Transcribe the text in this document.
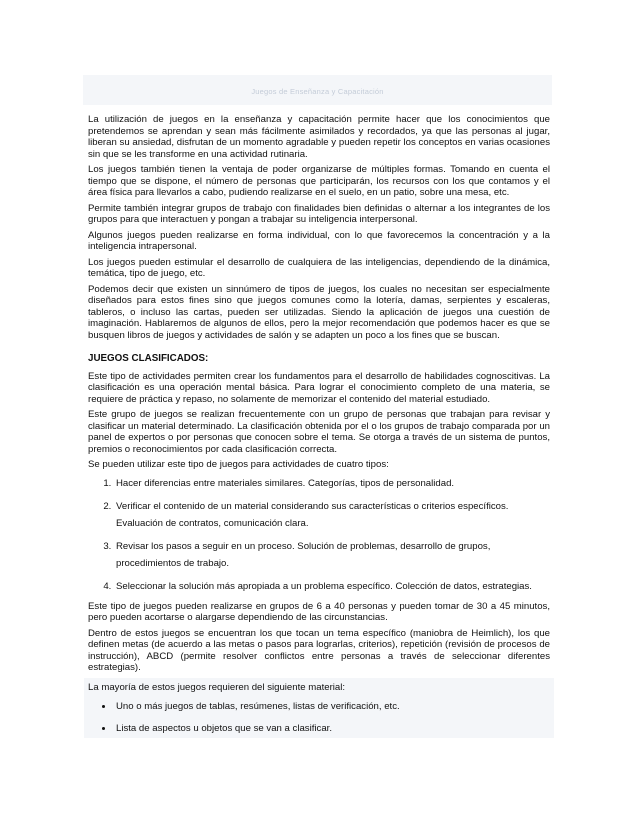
Juegos de Enseñanza y Capacitación

La utilización de juegos en la enseñanza y capacitación permite hacer que los conocimientos que pretendemos se aprendan y sean más fácilmente asimilados y recordados, ya que las personas al jugar, liberan su ansiedad, disfrutan de un momento agradable y pueden repetir los conceptos en varias ocasiones sin que se les transforme en una actividad rutinaria.

Los juegos también tienen la ventaja de poder organizarse de múltiples formas. Tomando en cuenta el tiempo que se dispone, el número de personas que participarán, los recursos con los que contamos y el área física para llevarlos a cabo, pudiendo realizarse en el suelo, en un patio, sobre una mesa, etc.

Permite también integrar grupos de trabajo con finalidades bien definidas o alternar a los integrantes de los grupos para que interactuen y pongan a trabajar su inteligencia interpersonal.

Algunos juegos pueden realizarse en forma individual, con lo que favorecemos la concentración y a la inteligencia intrapersonal.

Los juegos pueden estimular el desarrollo de cualquiera de las inteligencias, dependiendo de la dinámica, temática, tipo de juego, etc.

Podemos decir que existen un sinnúmero de tipos de juegos, los cuales no necesitan ser especialmente diseñados para estos fines sino que juegos comunes como la lotería, damas, serpientes y escaleras, tableros, o incluso las cartas, pueden ser utilizadas. Siendo la aplicación de juegos una cuestión de imaginación. Hablaremos de algunos de ellos, pero la mejor recomendación que podemos hacer es que se busquen libros de juegos y actividades de salón y se adapten un poco a los fines que se buscan.

JUEGOS CLASIFICADOS:

Este tipo de actividades permiten crear los fundamentos para el desarrollo de habilidades cognoscitivas. La clasificación es una operación mental básica. Para lograr el conocimiento completo de una materia, se requiere de práctica y repaso, no solamente de memorizar el contenido del material estudiado.

Este grupo de juegos se realizan frecuentemente con un grupo de personas que trabajan para revisar y clasificar un material determinado. La clasificación obtenida por el o los grupos de trabajo comparada por un panel de expertos o por personas que conocen sobre el tema. Se otorga a través de un sistema de puntos, premios o reconocimientos por cada clasificación correcta.

Se pueden utilizar este tipo de juegos para actividades de cuatro tipos:

1. Hacer diferencias entre materiales similares. Categorías, tipos de personalidad.
2. Verificar el contenido de un material considerando sus características o criterios específicos. Evaluación de contratos, comunicación clara.
3. Revisar los pasos a seguir en un proceso. Solución de problemas, desarrollo de grupos, procedimientos de trabajo.
4. Seleccionar la solución más apropiada a un problema específico. Colección de datos, estrategias.

Este tipo de juegos pueden realizarse en grupos de 6 a 40 personas y pueden tomar de 30 a 45 minutos, pero pueden acortarse o alargarse dependiendo de las circunstancias.

Dentro de estos juegos se encuentran los que tocan un tema específico (maniobra de Heimlich), los que definen metas (de acuerdo a las metas o pasos para lograrlas, criterios), repetición (revisión de procesos de instrucción), ABCD (permite resolver conflictos entre personas a través de seleccionar diferentes estrategias).

La mayoría de estos juegos requieren del siguiente material:

• Uno o más juegos de tablas, resúmenes, listas de verificación, etc.
• Lista de aspectos u objetos que se van a clasificar.
